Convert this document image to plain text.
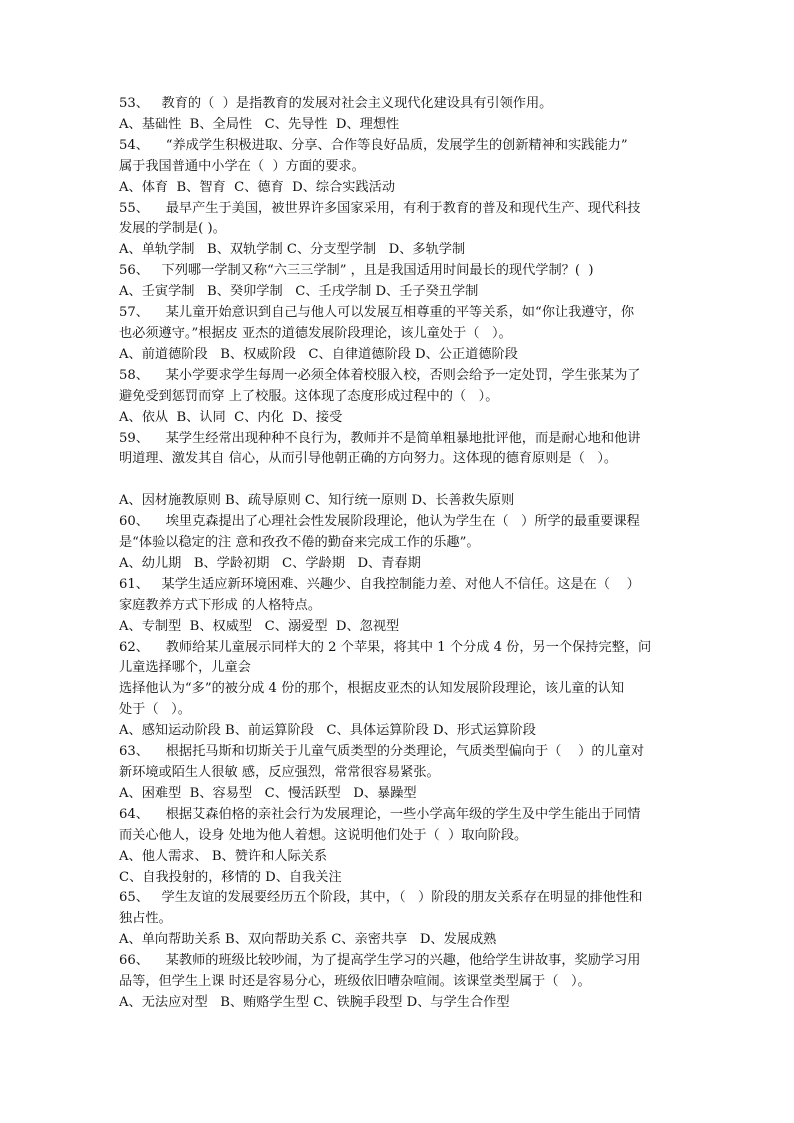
53、   教育的（  ）是指教育的发展对社会主义现代化建设具有引领作用。
A、基础性  B、全局性   C、先导性  D、理想性
54、    “养成学生积极进取、分享、合作等良好品质，发展学生的创新精神和实践能力”
属于我国普通中小学在（  ）方面的要求。
A、体育  B、智育  C、德育  D、综合实践活动
55、    最早产生于美国，被世界许多国家采用，有利于教育的普及和现代生产、现代科技
发展的学制是( )。
A、单轨学制   B、双轨学制 C、分支型学制   D、多轨学制
56、   下列哪一学制又称“六三三学制” ，且是我国适用时间最长的现代学制？(  )
A、壬寅学制   B、癸卯学制   C、壬戌学制 D、壬子癸丑学制
57、    某儿童开始意识到自己与他人可以发展互相尊重的平等关系，如“你让我遵守，你
也必须遵守。”根据皮 亚杰的道德发展阶段理论，该儿童处于（   ）。
A、前道德阶段   B、权威阶段   C、自律道德阶段 D、公正道德阶段
58、    某小学要求学生每周一必须全体着校服入校，否则会给予一定处罚，学生张某为了
避免受到惩罚而穿 上了校服。这体现了态度形成过程中的（   ）。
A、依从  B、认同  C、内化  D、接受
59、    某学生经常出现种种不良行为，教师并不是简单粗暴地批评他，而是耐心地和他讲
明道理、激发其自 信心，从而引导他朝正确的方向努力。这体现的德育原则是（   ）。
A、因材施教原则 B、疏导原则 C、知行统一原则 D、长善救失原则
60、    埃里克森提出了心理社会性发展阶段理论，他认为学生在（   ）所学的最重要课程
是“体验以稳定的注 意和孜孜不倦的勤奋来完成工作的乐趣”。
A、幼儿期   B、学龄初期   C、学龄期   D、青春期
61、   某学生适应新环境困难、兴趣少、自我控制能力差、对他人不信任。这是在（    ）
家庭教养方式下形成 的人格特点。
A、专制型  B、权威型   C、溺爱型  D、忽视型
62、    教师给某儿童展示同样大的 2 个苹果，将其中 1 个分成 4 份，另一个保持完整，问
儿童选择哪个，儿童会
选择他认为“多”的被分成 4 份的那个，根据皮亚杰的认知发展阶段理论，该儿童的认知
处于（   ）。
A、感知运动阶段 B、前运算阶段   C、具体运算阶段 D、形式运算阶段
63、    根据托马斯和切斯关于儿童气质类型的分类理论，气质类型偏向于（    ）的儿童对
新环境或陌生人很敏 感，反应强烈，常常很容易紧张。
A、困难型  B、容易型   C、慢活跃型   D、暴躁型
64、    根据艾森伯格的亲社会行为发展理论，一些小学高年级的学生及中学生能出于同情
而关心他人，设身 处地为他人着想。这说明他们处于（  ）取向阶段。
A、他人需求、 B、赞许和人际关系
C、自我投射的，移情的 D、自我关注
65、   学生友谊的发展要经历五个阶段，其中，（   ）阶段的朋友关系存在明显的排他性和
独占性。
A、单向帮助关系 B、双向帮助关系 C、亲密共享   D、发展成熟
66、    某教师的班级比较吵闹，为了提高学生学习的兴趣，他给学生讲故事，奖励学习用
品等，但学生上课 时还是容易分心，班级依旧嘈杂喧闹。该课堂类型属于（   ）。
A、无法应对型   B、贿赂学生型 C、铁腕手段型 D、与学生合作型
